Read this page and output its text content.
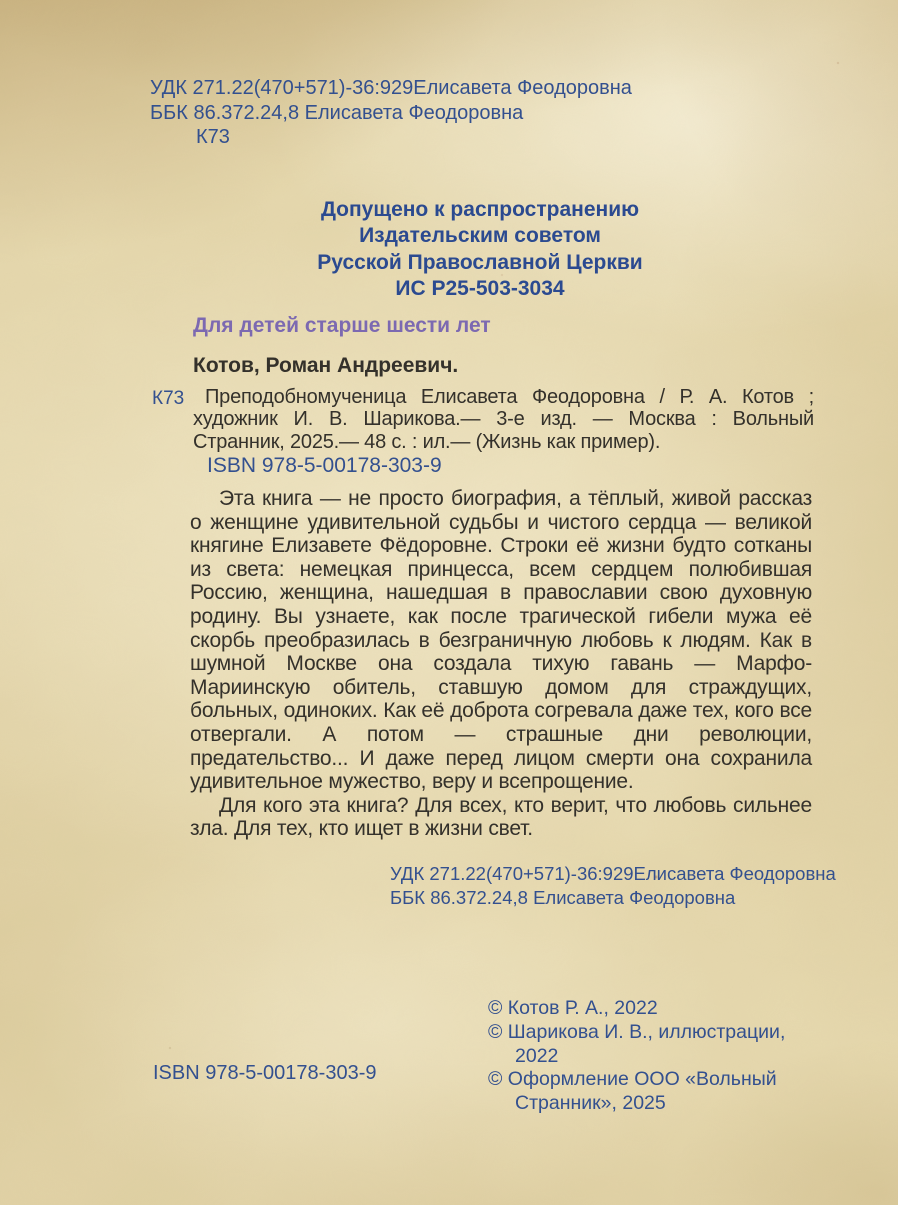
УДК 271.22(470+571)-36:929Елисавета Феодоровна
ББК 86.372.24,8 Елисавета Феодоровна
К73
Допущено к распространению
Издательским советом
Русской Православной Церкви
ИС Р25-503-3034
Для детей старше шести лет
Котов, Роман Андреевич.
К73	Преподобномученица Елисавета Феодоровна / Р. А. Котов ; художник И. В. Шарикова.— 3-е изд. — Москва : Вольный Странник, 2025.— 48 с. : ил.— (Жизнь как пример).
ISBN 978-5-00178-303-9

Эта книга — не просто биография, а тёплый, живой рассказ о женщине удивительной судьбы и чистого сердца — великой княгине Елизавете Фёдоровне. Строки её жизни будто сотканы из света: немецкая принцесса, всем сердцем полюбившая Россию, женщина, нашедшая в православии свою духовную родину. Вы узнаете, как после трагической гибели мужа её скорбь преобразилась в безграничную любовь к людям. Как в шумной Москве она создала тихую гавань — Марфо-Мариинскую обитель, ставшую домом для страждущих, больных, одиноких. Как её доброта согревала даже тех, кого все отвергали. А потом — страшные дни революции, предательство... И даже перед лицом смерти она сохранила удивительное мужество, веру и всепрощение.

Для кого эта книга? Для всех, кто верит, что любовь сильнее зла. Для тех, кто ищет в жизни свет.

УДК 271.22(470+571)-36:929Елисавета Феодоровна
ББК 86.372.24,8 Елисавета Феодоровна
© Котов Р. А., 2022
© Шарикова И. В., иллюстрации, 2022
© Оформление ООО «Вольный Странник», 2025
ISBN 978-5-00178-303-9
